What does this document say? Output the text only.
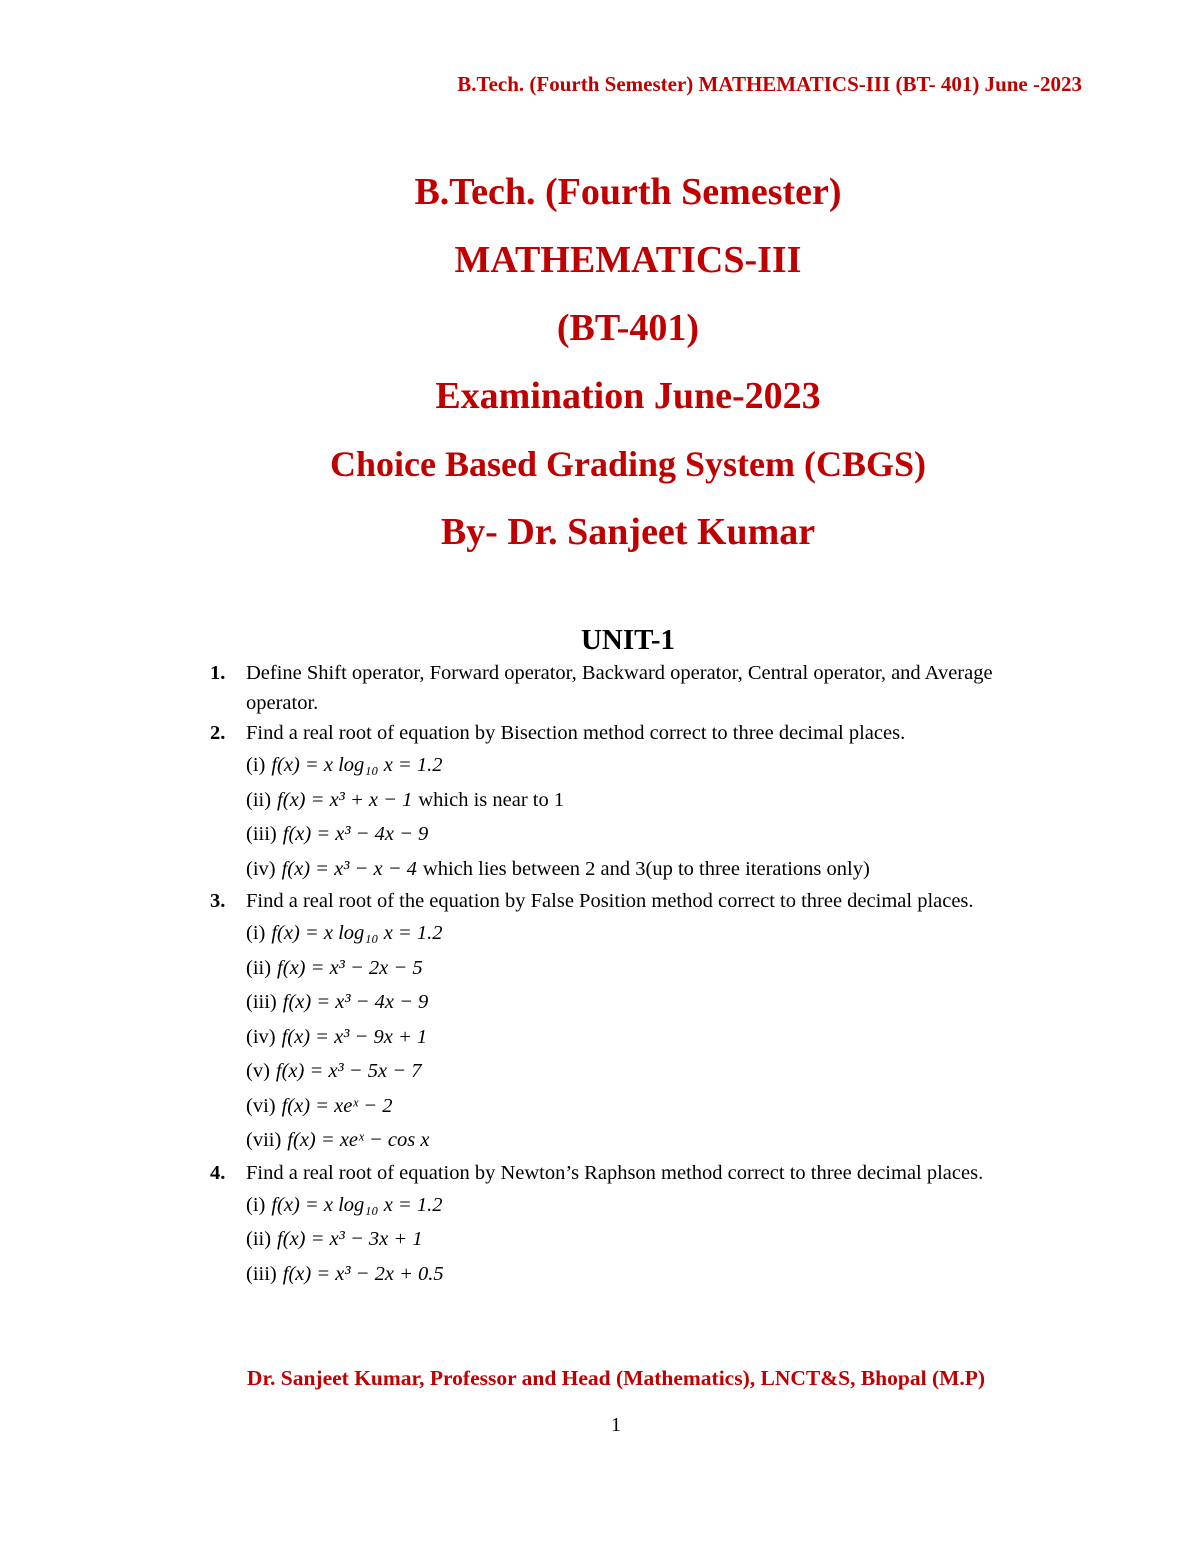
B.Tech. (Fourth Semester) MATHEMATICS-III (BT- 401) June -2023
B.Tech. (Fourth Semester)
MATHEMATICS-III
(BT-401)
Examination June-2023
Choice Based Grading System (CBGS)
By- Dr. Sanjeet Kumar
UNIT-1
1. Define Shift operator, Forward operator, Backward operator, Central operator, and Average operator.
2. Find a real root of equation by Bisection method correct to three decimal places.
(i) f(x) = x log₁₀ x = 1.2
(ii) f(x) = x³ + x − 1 which is near to 1
(iii) f(x) = x³ − 4x − 9
(iv) f(x) = x³ − x − 4 which lies between 2 and 3(up to three iterations only)
3. Find a real root of the equation by False Position method correct to three decimal places.
(i) f(x) = x log₁₀ x = 1.2
(ii) f(x) = x³ − 2x − 5
(iii) f(x) = x³ − 4x − 9
(iv) f(x) = x³ − 9x + 1
(v) f(x) = x³ − 5x − 7
(vi) f(x) = xeˣ − 2
(vii) f(x) = xeˣ − cos x
4. Find a real root of equation by Newton’s Raphson method correct to three decimal places.
(i) f(x) = x log₁₀ x = 1.2
(ii) f(x) = x³ − 3x + 1
(iii) f(x) = x³ − 2x + 0.5
Dr. Sanjeet Kumar, Professor and Head (Mathematics), LNCT&S, Bhopal (M.P)
1
